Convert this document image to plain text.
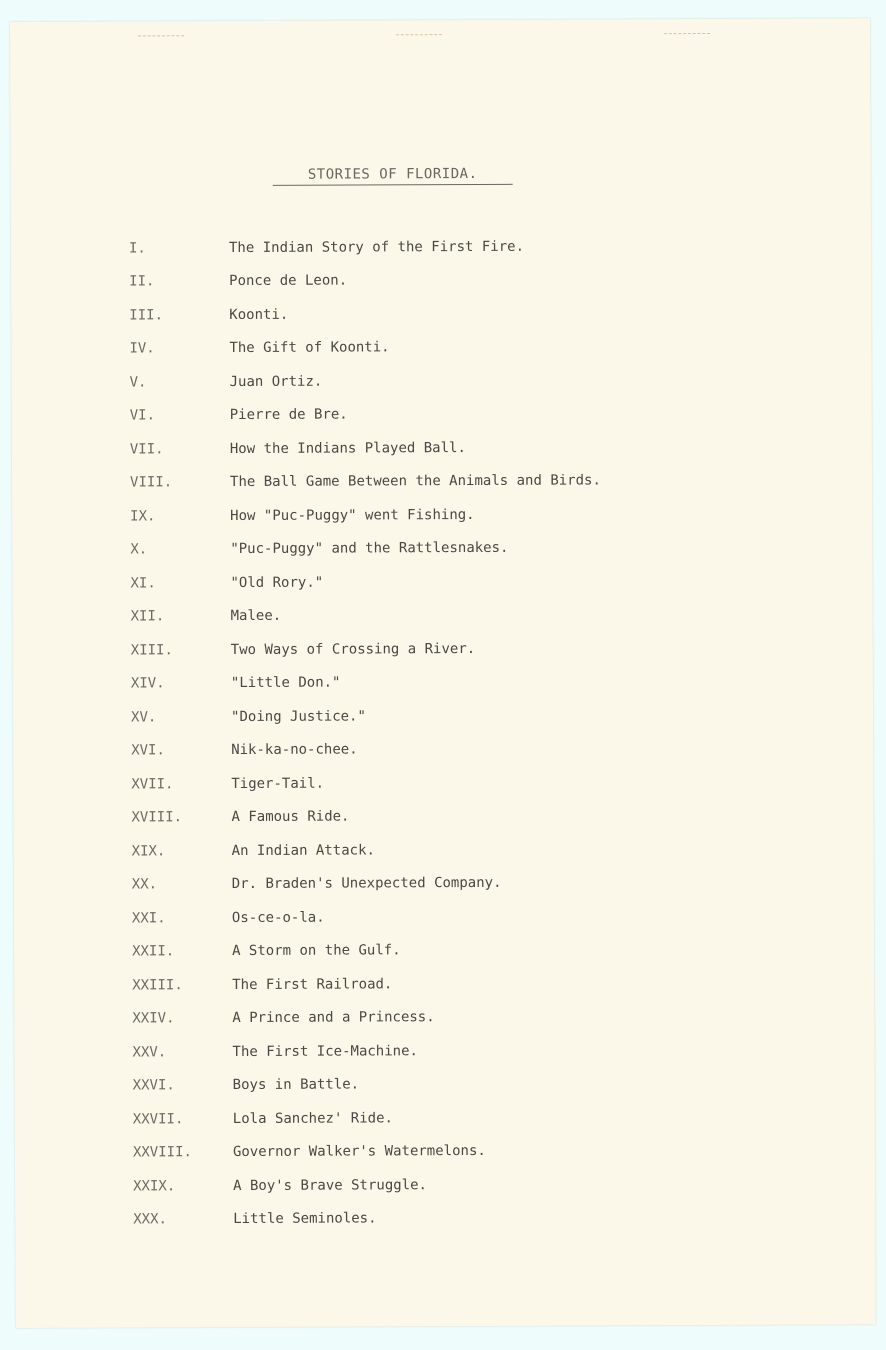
STORIES OF FLORIDA.
I.	The Indian Story of the First Fire.
II.	Ponce de Leon.
III.	Koonti.
IV.	The Gift of Koonti.
V.	Juan Ortiz.
VI.	Pierre de Bre.
VII.	How the Indians Played Ball.
VIII.	The Ball Game Between the Animals and Birds.
IX.	How "Puc-Puggy" went Fishing.
X.	"Puc-Puggy" and the Rattlesnakes.
XI.	"Old Rory."
XII.	Malee.
XIII.	Two Ways of Crossing a River.
XIV.	"Little Don."
XV.	"Doing Justice."
XVI.	Nik-ka-no-chee.
XVII.	Tiger-Tail.
XVIII.	A Famous Ride.
XIX.	An Indian Attack.
XX.	Dr. Braden's Unexpected Company.
XXI.	Os-ce-o-la.
XXII.	A Storm on the Gulf.
XXIII.	The First Railroad.
XXIV.	A Prince and a Princess.
XXV.	The First Ice-Machine.
XXVI.	Boys in Battle.
XXVII.	Lola Sanchez' Ride.
XXVIII.	Governor Walker's Watermelons.
XXIX.	A Boy's Brave Struggle.
XXX.	Little Seminoles.
